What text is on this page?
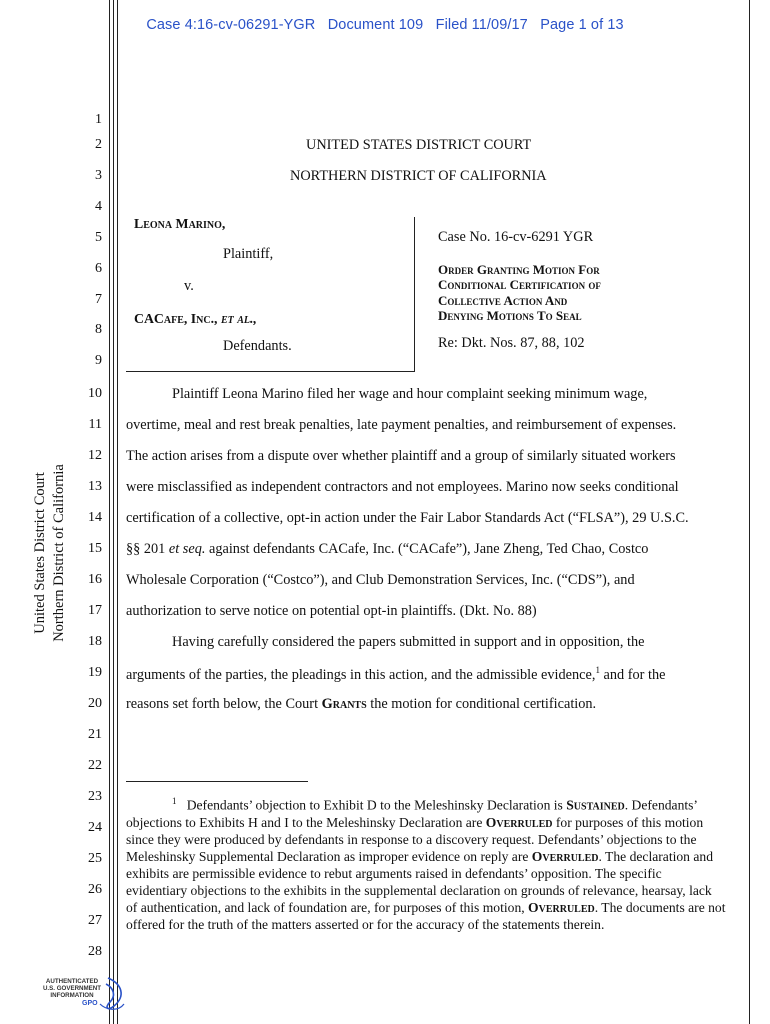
Case 4:16-cv-06291-YGR   Document 109   Filed 11/09/17   Page 1 of 13
United States District Court Northern District of California
1
2
3
4
5
6
7
8
9
10
11
12
13
14
15
16
17
18
19
20
21
22
23
24
25
26
27
28
UNITED STATES DISTRICT COURT
NORTHERN DISTRICT OF CALIFORNIA
Leona Marino,
Plaintiff,
v.
CACafe, Inc., et al.,
Defendants.
Case No. 16-cv-6291 YGR
Order Granting Motion For
Conditional Certification of
Collective Action And
Denying Motions To Seal
Re: Dkt. Nos. 87, 88, 102
Plaintiff Leona Marino filed her wage and hour complaint seeking minimum wage,
overtime, meal and rest break penalties, late payment penalties, and reimbursement of expenses.
The action arises from a dispute over whether plaintiff and a group of similarly situated workers
were misclassified as independent contractors and not employees. Marino now seeks conditional
certification of a collective, opt-in action under the Fair Labor Standards Act (“FLSA”), 29 U.S.C.
§§ 201 et seq. against defendants CACafe, Inc. (“CACafe”), Jane Zheng, Ted Chao, Costco
Wholesale Corporation (“Costco”), and Club Demonstration Services, Inc. (“CDS”), and
authorization to serve notice on potential opt-in plaintiffs. (Dkt. No. 88)
Having carefully considered the papers submitted in support and in opposition, the
arguments of the parties, the pleadings in this action, and the admissible evidence,$^1$ and for the
reasons set forth below, the Court Grants the motion for conditional certification.
$^1$ Defendants’ objection to Exhibit D to the Meleshinsky Declaration is Sustained. Defendants’ objections to Exhibits H and I to the Meleshinsky Declaration are Overruled for purposes of this motion since they were produced by defendants in response to a discovery request. Defendants’ objections to the Meleshinsky Supplemental Declaration as improper evidence on reply are Overruled. The declaration and exhibits are permissible evidence to rebut arguments raised in defendants’ opposition. The specific evidentiary objections to the exhibits in the supplemental declaration on grounds of relevance, hearsay, lack of authentication, and lack of foundation are, for purposes of this motion, Overruled. The documents are not offered for the truth of the matters asserted or for the accuracy of the statements therein.
AUTHENTICATED
U.S. GOVERNMENT
INFORMATION
GPO
